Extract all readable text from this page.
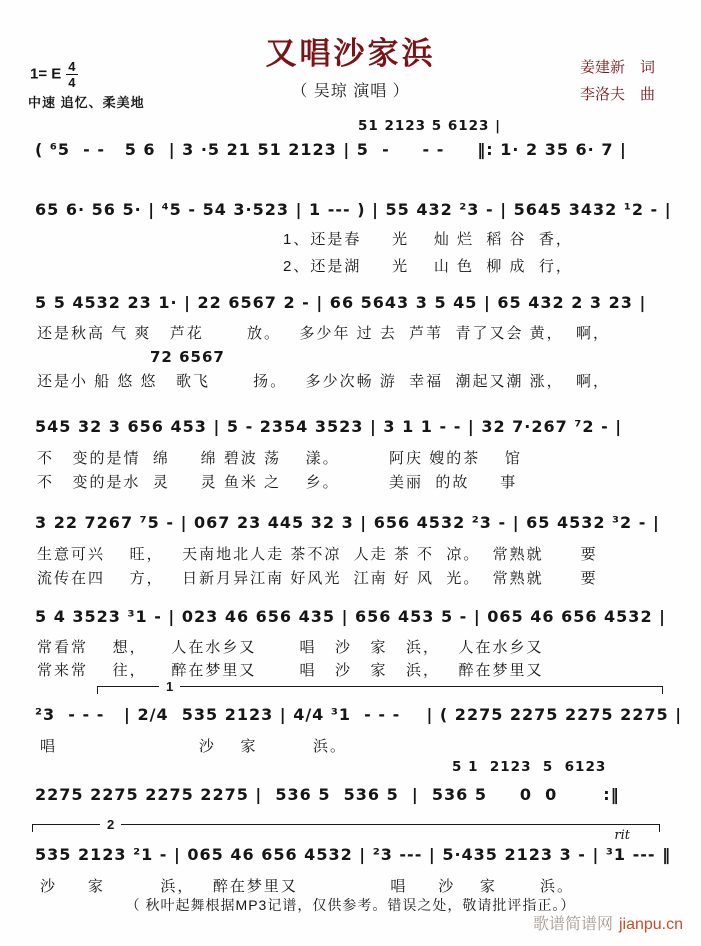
又唱沙家浜
（ 吴琼 演唱 ）
姜建新　词
李洛夫　曲
1= E $\frac{4}{4}$
中速 追忆、柔美地
51 2123 5 6123 |
( ⁶5  - -   5 6  | 3 ·5 21 51 2123 | 5  -     - -     ‖: 1· 2 35 6· 7 |
65 6· 56 5· | ⁴5 - 54 3·523 | 1 --- ) | 55 432 ²3 - | 5645 3432 ¹2 - |
1、还是春     光    灿 烂  稻 谷  香，
2、还是湖     光    山 色  柳 成  行，
5 5 4532 23 1· | 22 6567 2 - | 66 5643 3 5 45 | 65 432 2 3 23 |
还是秋高 气 爽   芦花       放。   多少年 过 去  芦苇  青了又会 黄，  啊，
72 6567
还是小 船 悠 悠   歌飞       扬。   多少次畅 游  幸福  潮起又潮 涨，  啊，
545 32 3 656 453 | 5 - 2354 3523 | 3 1 1 - - | 32 7·267 ⁷2 - |
不   变的是情  绵     绵 碧波 荡    漾。        阿庆 嫂的茶    馆
不   变的是水  灵     灵 鱼米 之    乡。        美丽  的故     事
3 22 7267 ⁷5 - | 067 23 445 32 3 | 656 4532 ²3 - | 65 4532 ³2 - |
生意可兴    旺，   天南地北人走 茶不凉  人走 茶 不  凉。  常熟就      要
流传在四    方，   日新月异江南 好风光  江南 好 风  光。  常熟就      要
5 4 3523 ³1 - | 023 46 656 435 | 656 453 5 - | 065 46 656 4532 |
常看常    想，    人在水乡又       唱   沙   家   浜，   人在水乡又
常来常    往，    醉在梦里又       唱   沙   家   浜，   醉在梦里又
1
²3  - - -   | 2/4  535 2123 | 4/4 ³1  - - -    | ( 2275 2275 2275 2275 |
唱                       沙    家         浜。
5 1  2123  5  6123
2275 2275 2275 2275 |  536 5  536 5  |  536 5     0  0       :‖
2
rit
535 2123 ²1 - | 065 46 656 4532 | ²3 --- | 5·435 2123 3 - | ³1 --- ‖
沙     家         浜，   醉在梦里又               唱     沙    家       浜。
（ 秋叶起舞根据MP3记谱，仅供参考。错误之处，敬请批评指正。）
歌谱简谱网 jianpu.cn
